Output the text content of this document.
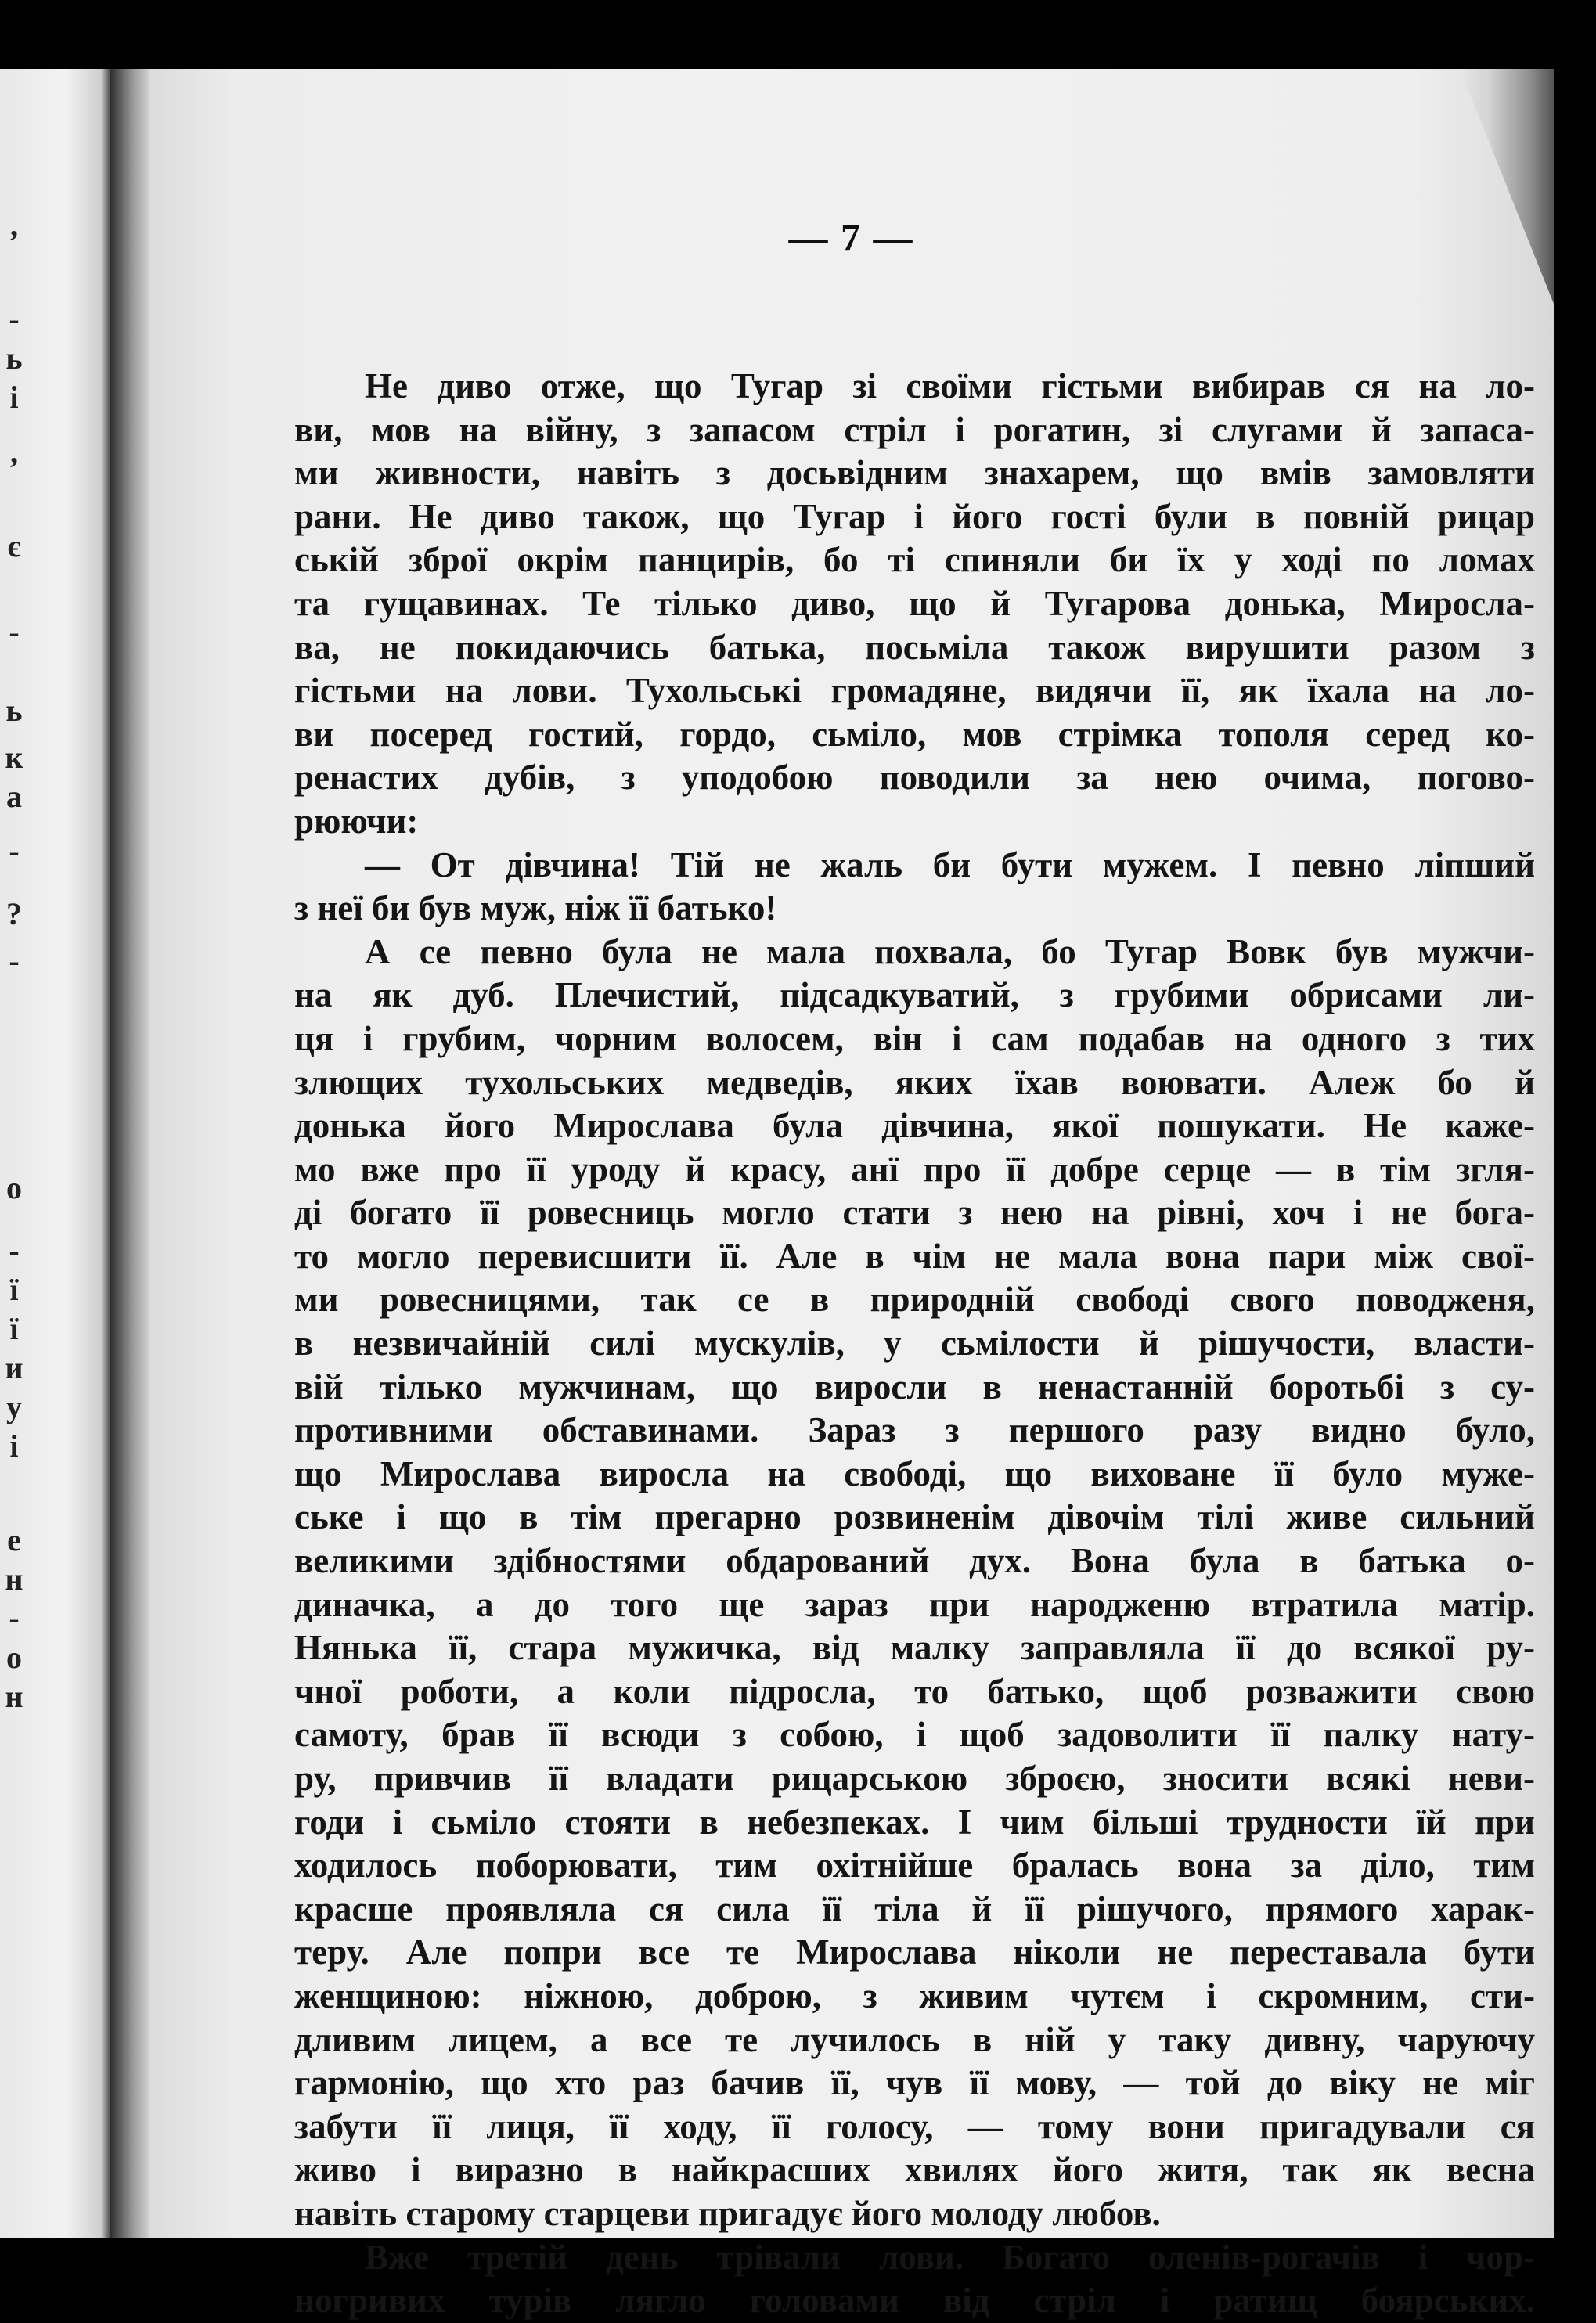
,
-
ь
і
,
є
-
ь
к
а
-
?
-
о
-
ї
ї
и
у
і
е
н
-
о
н
— 7 —
Не диво отже, що Тугар зі своїми гістьми вибирав ся на ло-
ви, мов на війну, з запасом стріл і рогатин, зі слугами й запаса-
ми живности, навіть з досьвідним знахарем, що вмів замовляти
рани. Не диво також, що Тугар і його гості були в повній рицар
ській зброї окрім панцирів, бо ті спиняли би їх у ході по ломах
та гущавинах. Те тілько диво, що й Тугарова донька, Миросла-
ва, не покидаючись батька, посьміла також вирушити разом з
гістьми на лови. Тухольські громадяне, видячи її, як їхала на ло-
ви посеред гостий, гордо, сьміло, мов стрімка тополя серед ко-
ренастих дубів, з уподобою поводили за нею очима, погово-
рюючи:
— От дівчина! Тій не жаль би бути мужем. І певно ліпший
з неї би був муж, ніж її батько!
А се певно була не мала похвала, бо Тугар Вовк був мужчи-
на як дуб. Плечистий, підсадкуватий, з грубими обрисами ли-
ця і грубим, чорним волосем, він і сам подабав на одного з тих
злющих тухольських медведів, яких їхав воювати. Алеж бо й
донька його Мирослава була дівчина, якої пошукати. Не каже-
мо вже про її уроду й красу, анї про її добре серце — в тім згля-
ді богато її ровесниць могло стати з нею на рівні, хоч і не бога-
то могло перевисшити її. Але в чім не мала вона пари між свої-
ми ровесницями, так се в природній свободі свого поводженя,
в незвичайній силі мускулів, у сьмілости й рішучости, власти-
вій тілько мужчинам, що виросли в ненастанній боротьбі з су-
противними обставинами. Зараз з першого разу видно було,
що Мирослава виросла на свободі, що виховане її було муже-
ське і що в тім прегарно розвиненім дівочім тілі живе сильний
великими здібностями обдарований дух. Вона була в батька о-
диначка, а до того ще зараз при народженю втратила матір.
Нянька її, стара мужичка, від малку заправляла її до всякої ру-
чної роботи, а коли підросла, то батько, щоб розважити свою
самоту, брав її всюди з собою, і щоб задоволити її палку нату-
ру, привчив її владати рицарською зброєю, зносити всякі неви-
годи і сьміло стояти в небезпеках. І чим більші трудности їй при
ходилось поборювати, тим охітнійше бралась вона за діло, тим
красше проявляла ся сила її тіла й її рішучого, прямого харак-
теру. Але попри все те Мирослава ніколи не переставала бути
женщиною: ніжною, доброю, з живим чутєм і скромним, сти-
дливим лицем, а все те лучилось в ній у таку дивну, чаруючу
гармонію, що хто раз бачив її, чув її мову, — той до віку не міг
забути її лиця, її ходу, її голосу, — тому вони пригадували ся
живо і виразно в найкрасших хвилях його житя, так як весна
навіть старому старцеви пригадує його молоду любов.
Вже третій день трівали лови. Богато оленів-рогачів і чор-
ногривих турів лягло головами від стріл і ратищ боярських.
